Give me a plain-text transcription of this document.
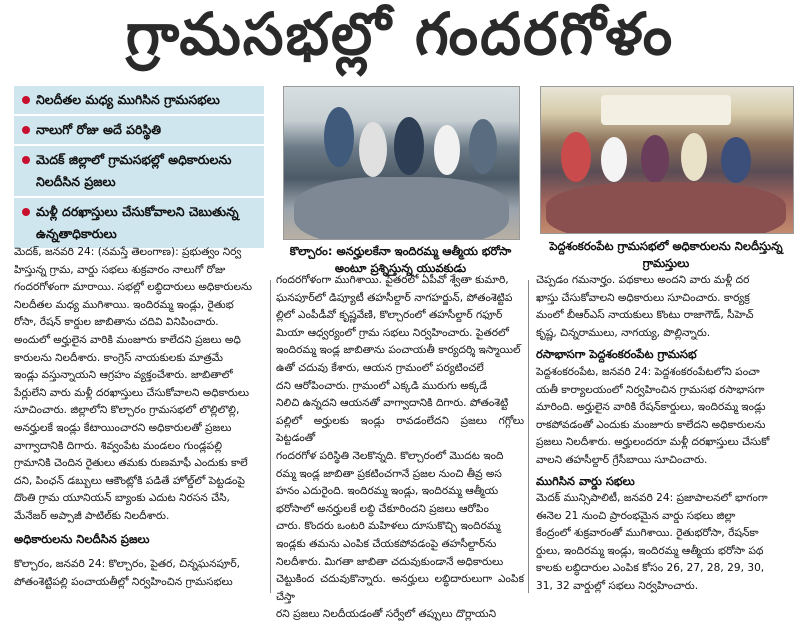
గ్రామసభల్లో గందరగోళం
నిలదీతల మధ్య ముగిసిన గ్రామసభలు
నాలుగో రోజు అదే పరిస్థితి
మెదక్ జిల్లాలో గ్రామసభల్లో అధికారులను నిలదీసిన ప్రజలు
మళ్లీ దరఖాస్తులు చేసుకోవాలని చెబుతున్న ఉన్నతాధికారులు
కొల్చారం: అనర్హులకేనా ఇందిరమ్మ ఆత్మీయ భరోసా అంటూ ప్రశ్నిస్తున్న యువకుడు
పెద్దశంకరంపేట గ్రామసభలో అధికారులను నిలదీస్తున్న గ్రామస్తులు
మెదక్, జనవరి 24: (నమస్తే తెలంగాణ): ప్రభుత్వం నిర్వ
హిస్తున్న గ్రామ, వార్డు సభలు శుక్రవారం నాలుగో రోజు
గందరగోళంగా మారాయి. సభల్లో లబ్ధిదారులు అధికారులను
నిలదీతల మధ్య ముగిశాయి. ఇందిరమ్మ ఇండ్లు, రైతుభ
రోసా, రేషన్ కార్డుల జాబితాను చదివి వినిపించారు.
అందులో అర్హులైన వారికి మంజూరు కాలేదని ప్రజలు అధి
కారులను నిలదీశారు. కాంగ్రెస్ నాయకులకు మాత్రమే
ఇండ్లు వస్తున్నాయని ఆగ్రహం వ్యక్తంచేశారు. జాబితాలో
పేర్లులేని వారు మళ్లీ దరఖాస్తులు చేసుకోవాలని అధికారులు
సూచించారు. జిల్లాలోని కొల్చారం గ్రామసభలో లొల్లిలొల్లి,
అనర్హులకే ఇండ్లు కేటాయించారని అధికారులతో ప్రజలు
వాగ్వాదానికి దిగారు. శివ్వంపేట మండలం గుండ్లపల్లి
గ్రామానికి చెందిన రైతులు తమకు రుణమాఫీ ఎందుకు కాలే
దని, పింఛన్ డబ్బులు ఆకౌంట్లోకి పడితే హోల్డ్‌లో పెట్టడంపై
దొంతి గ్రామ యూనియన్ బ్యాంకు ఎదుట నిరసన చేసి,
మేనేజర్ అప్పాజీ పాటిల్‌కు నిలదీశారు.
అధికారులను నిలదీసిన ప్రజలు
కొల్చారం, జనవరి 24: కొల్చారం, పైతర, చిన్నఘనపూర్,
పోతంశెట్టిపల్లి పంచాయతీల్లో నిర్వహించిన గ్రామసభలు
గందరగోళంగా ముగిశాయి. పైతరలో ఏపీవో శ్వేతా కుమారి,
ఘనపూర్‌లో డిప్యూటీ తహసీల్దార్ నాగహర్జున్, పోతంశెట్టిప
ల్లిలో ఎంపీడీవో కృష్ణవేణి, కొల్చారంలో తహసీల్దార్ గఫూర్
మియా ఆధ్వర్యంలో గ్రామ సభలు నిర్వహించారు. పైతరలో
ఇందిరమ్మ ఇండ్ల జాబితాను పంచాయతీ కార్యదర్శి ఇస్మాయిల్
ఉతో చదువు కేశారు, ఆయన గ్రామంలో పర్యటించలే
దని ఆరోపించారు. గ్రామంలో ఎక్కడి మురుగు అక్కడే
నిలిచి ఉన్నదని ఆయనతో వాగ్వాదానికి దిగారు. పోతంశెట్టి
పల్లిలో అర్హులకు ఇండ్లు రావడంలేదని ప్రజలు గగ్గోలు పెట్టడంతో
గందరగోళ పరిస్థితి నెలకొన్నది. కొల్చారంలో మొదట ఇంది
రమ్మ ఇండ్ల జాబితా ప్రకటించగానే ప్రజల నుంచి తీవ్ర అస
హనం ఎదురైంది. ఇందిరమ్మ ఇండ్లు, ఇందిరమ్మ ఆత్మీయ
భరోసాలో అనర్హులకే లబ్ధి చేకూరిందని ప్రజలు ఆరోపిం
చారు. కొందరు ఒంటరి మహిళలు దూసుకొచ్చి ఇందిరమ్మ
ఇండ్లకు తమను ఎంపిక చేయకపోవడంపై తహసీల్దార్‌ను
నిలదీశారు. మిగతా జాబితా చదువుకుండానే అధికారులు
చెట్టుకింద చదువుకొన్నారు. అనర్హులు లబ్ధిదారులుగా ఎంపిక చేస్తా
రని ప్రజలు నిలదీయడంతో సర్వేలో తప్పులు దొర్లాయని
చెప్పడం గమనార్హం. పథకాలు అందని వారు మళ్లీ దర
ఖాస్తు చేసుకోవాలని అధికారులు సూచించారు. కార్యక్ర
మంలో బీఆర్ఎస్ నాయకులు కొంటు రాజాగౌడ్, సీహెచ్
కృష్ణ, చిన్నరాములు, నాగయ్య, పొల్లిన్నారు.
రసాభాసగా పెద్దశంకరంపేట గ్రామసభ
పెద్దశంకరంపేట, జనవరి 24: పెద్దశంకరంపేటలోని పంచా
యతీ కార్యాలయంలో నిర్వహించిన గ్రామసభ రసాభాసగా
మారింది. అర్హులైన వారికి రేషన్‌కార్డులు, ఇందిరమ్మ ఇండ్లు
రాకపోవడంతో ఎందుకు మంజూరు కాలేదని అధికారులను
ప్రజలు నిలదీశారు. అర్హులందరూ మళ్లీ దరఖాస్తులు చేసుకో
వాలని తహసీల్దార్ గ్రేసీబాయి సూచించారు.
ముగిసిన వార్డు సభలు
మెదక్ మున్సిపాలిటీ, జనవరి 24: ప్రజాపాలనలో భాగంగా
ఈనెల 21 నుంచి ప్రారంభమైన వార్డు సభలు జిల్లా
కేంద్రంలో శుక్రవారంతో ముగిశాయి. రైతుభరోసా, రేషన్‌కా
ర్డులు, ఇందిరమ్మ ఇండ్లు, ఇందిరమ్మ ఆత్మీయ భరోసా పథ
కాలకు లబ్ధిదారుల ఎంపిక కోసం 26, 27, 28, 29, 30,
31, 32 వార్డుల్లో సభలు నిర్వహించారు.
